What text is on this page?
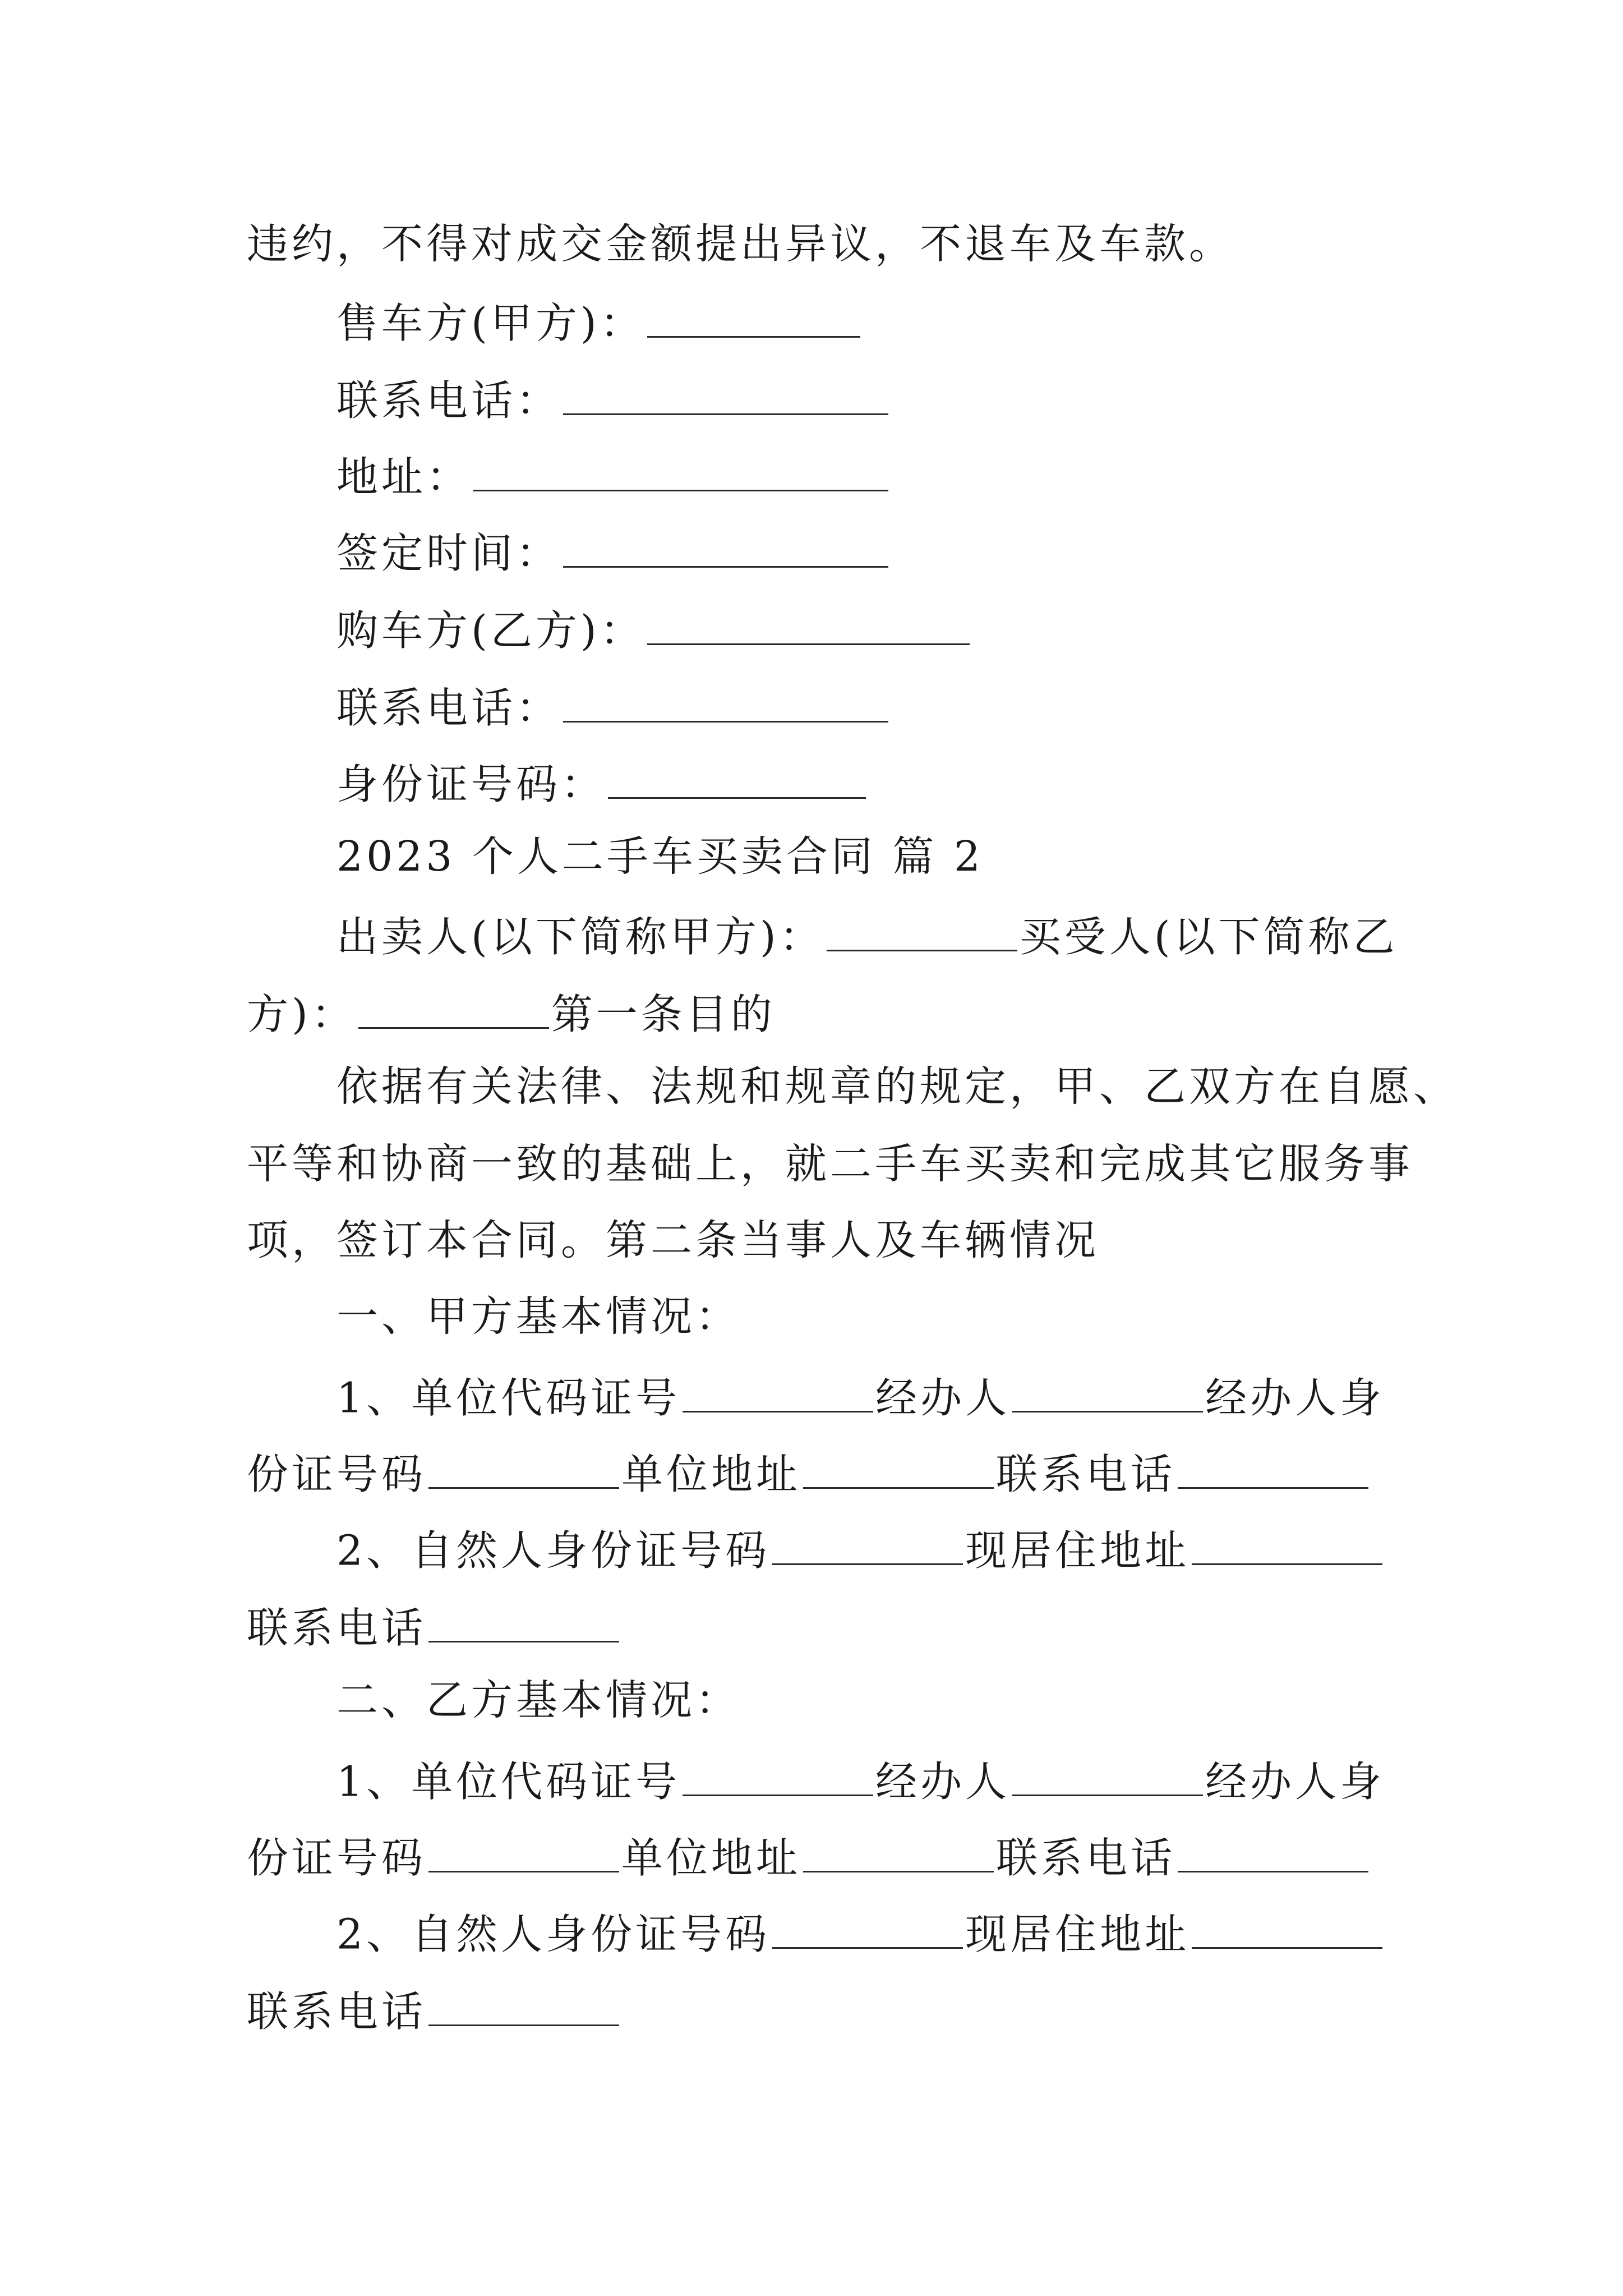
违约，不得对成交金额提出异议，不退车及车款。
售车方(甲方)：
联系电话：
地址：
签定时间：
购车方(乙方)：
联系电话：
身份证号码：
2023 个人二手车买卖合同 篇 2
出卖人(以下简称甲方)：	买受人(以下简称乙
方)：	第一条目的
依据有关法律、法规和规章的规定，甲、乙双方在自愿、
平等和协商一致的基础上，就二手车买卖和完成其它服务事
项，签订本合同。第二条当事人及车辆情况
一、甲方基本情况：
1、单位代码证号	经办人	经办人身
份证号码	单位地址	联系电话
2、自然人身份证号码	现居住地址
联系电话
二、乙方基本情况：
1、单位代码证号	经办人	经办人身
份证号码	单位地址	联系电话
2、自然人身份证号码	现居住地址
联系电话
